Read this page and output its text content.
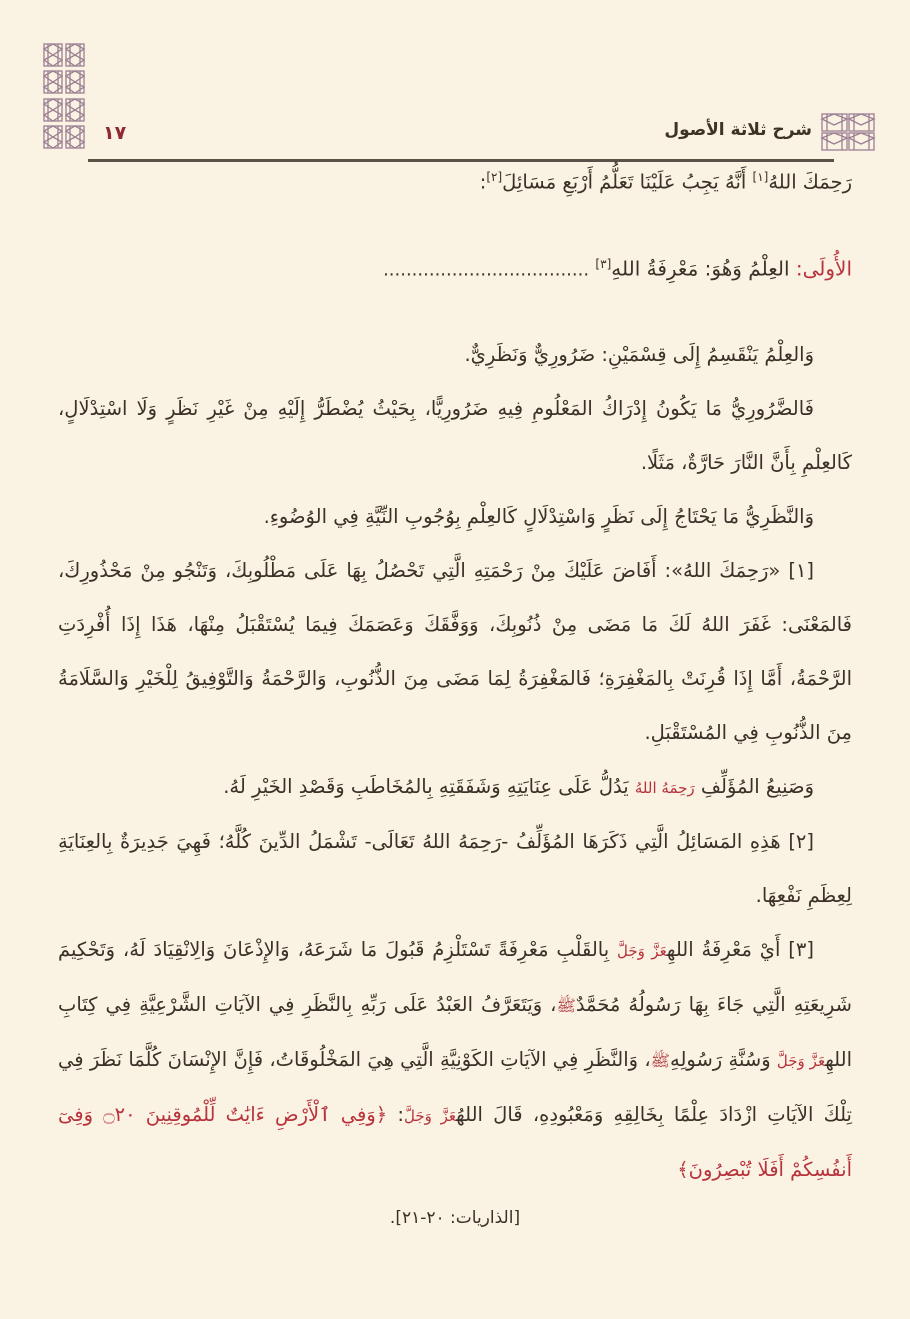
١٧	شرح ثلاثة الأصول

رَحِمَكَ اللهُ[١] أَنَّهُ يَجِبُ عَلَيْنَا تَعَلُّمُ أَرْبَعِ مَسَائِلَ[٢]:

الأُولَى: العِلْمُ وَهُوَ: مَعْرِفَةُ اللهِ[٣] ....................................

وَالعِلْمُ يَنْقَسِمُ إِلَى قِسْمَيْنِ: ضَرُورِيٌّ وَنَظَرِيٌّ.

فَالضَّرُورِيُّ مَا يَكُونُ إِدْرَاكُ المَعْلُومِ فِيهِ ضَرُورِيًّا، بِحَيْثُ يُضْطَرُّ إِلَيْهِ مِنْ غَيْرِ نَظَرٍ وَلَا اسْتِدْلَالٍ، كَالعِلْمِ بِأَنَّ النَّارَ حَارَّةٌ، مَثَلًا.

وَالنَّظَرِيُّ مَا يَحْتَاجُ إِلَى نَظَرٍ وَاسْتِدْلَالٍ كَالعِلْمِ بِوُجُوبِ النِّيَّةِ فِي الوُضُوءِ.

[١] «رَحِمَكَ اللهُ»: أَفَاضَ عَلَيْكَ مِنْ رَحْمَتِهِ الَّتِي تَحْصُلُ بِهَا عَلَى مَطْلُوبِكَ، وَتَنْجُو مِنْ مَحْذُورِكَ، فَالمَعْنَى: غَفَرَ اللهُ لَكَ مَا مَضَى مِنْ ذُنُوبِكَ، وَوَفَّقَكَ وَعَصَمَكَ فِيمَا يُسْتَقْبَلُ مِنْهَا، هَذَا إِذَا أُفْرِدَتِ الرَّحْمَةُ، أَمَّا إِذَا قُرِنَتْ بِالمَغْفِرَةِ؛ فَالمَغْفِرَةُ لِمَا مَضَى مِنَ الذُّنُوبِ، وَالرَّحْمَةُ وَالتَّوْفِيقُ لِلْخَيْرِ وَالسَّلَامَةُ مِنَ الذُّنُوبِ فِي المُسْتَقْبَلِ.

وَصَنِيعُ المُؤَلِّفِ رَحِمَهُ اللهُ يَدُلُّ عَلَى عِنَايَتِهِ وَشَفَقَتِهِ بِالمُخَاطَبِ وَقَصْدِ الخَيْرِ لَهُ.

[٢] هَذِهِ المَسَائِلُ الَّتِي ذَكَرَهَا المُؤَلِّفُ -رَحِمَهُ اللهُ تَعَالَى- تَشْمَلُ الدِّينَ كُلَّهُ؛ فَهِيَ جَدِيرَةٌ بِالعِنَايَةِ لِعِظَمِ نَفْعِهَا.

[٣] أَيْ مَعْرِفَةُ اللهِعَزَّ وَجَلَّ بِالقَلْبِ مَعْرِفَةً تَسْتَلْزِمُ قَبُولَ مَا شَرَعَهُ، وَالإِذْعَانَ وَالِانْقِيَادَ لَهُ، وَتَحْكِيمَ شَرِيعَتِهِ الَّتِي جَاءَ بِهَا رَسُولُهُ مُحَمَّدٌﷺ، وَيَتَعَرَّفُ العَبْدُ عَلَى رَبِّهِ بِالنَّظَرِ فِي الآيَاتِ الشَّرْعِيَّةِ فِي كِتَابِ اللهِعَزَّ وَجَلَّ وَسُنَّةِ رَسُولِهِﷺ، وَالنَّظَرِ فِي الآيَاتِ الكَوْنِيَّةِ الَّتِي هِيَ المَخْلُوقَاتُ، فَإِنَّ الإِنْسَانَ كُلَّمَا نَظَرَ فِي تِلْكَ الآيَاتِ ازْدَادَ عِلْمًا بِخَالِقِهِ وَمَعْبُودِهِ، قَالَ اللهُعَزَّ وَجَلَّ: ﴿وَفِي ٱلْأَرْضِ ءَايَٰتٌ لِّلْمُوقِنِينَ ۝٢٠ وَفِىٓ أَنفُسِكُمْ أَفَلَا تُبْصِرُونَ﴾

[الذاريات: ٢٠-٢١].
